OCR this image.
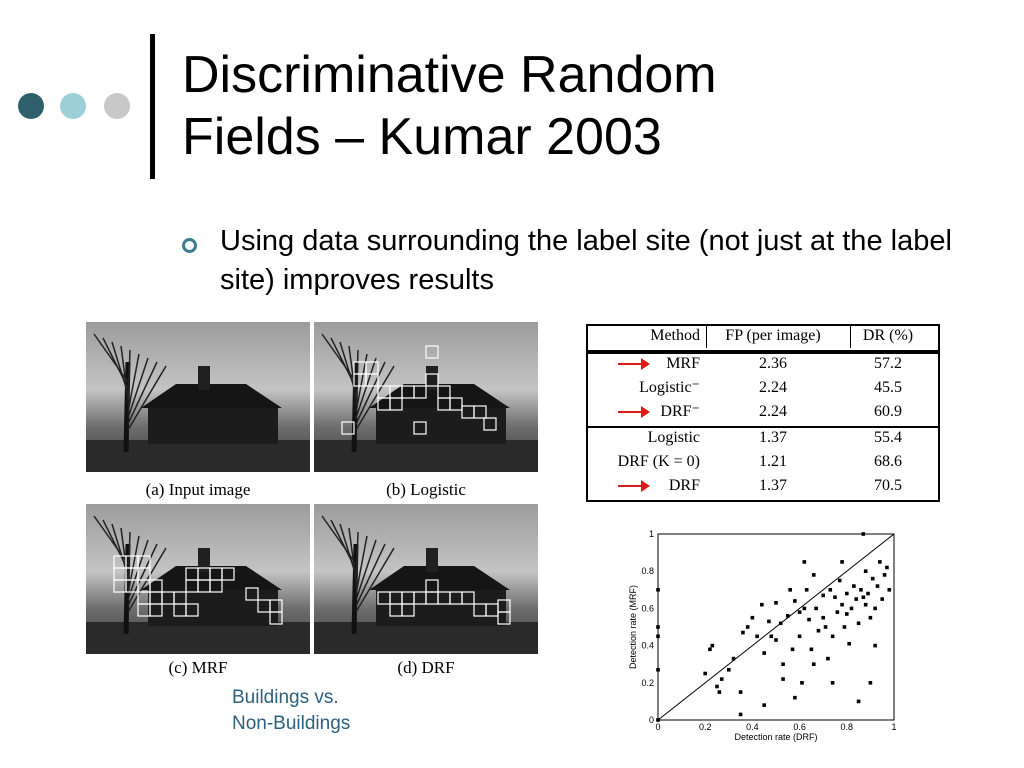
Discriminative Random
Fields – Kumar 2003
Using data surrounding the label site (not just at the label site) improves results
(a) Input image	(b) Logistic
(c) MRF	(d) DRF
Buildings vs.
Non-Buildings
Method	FP (per image)	DR (%)
MRF	2.36	57.2
Logistic⁻	2.24	45.5
DRF⁻	2.24	60.9
Logistic	1.37	55.4
DRF (K = 0)	1.21	68.6
DRF	1.37	70.5
0	0.2	0.4	0.6	0.8	1
0
0.2
0.4
0.6
0.8
1
Detection rate (DRF)
Detection rate (MRF)
